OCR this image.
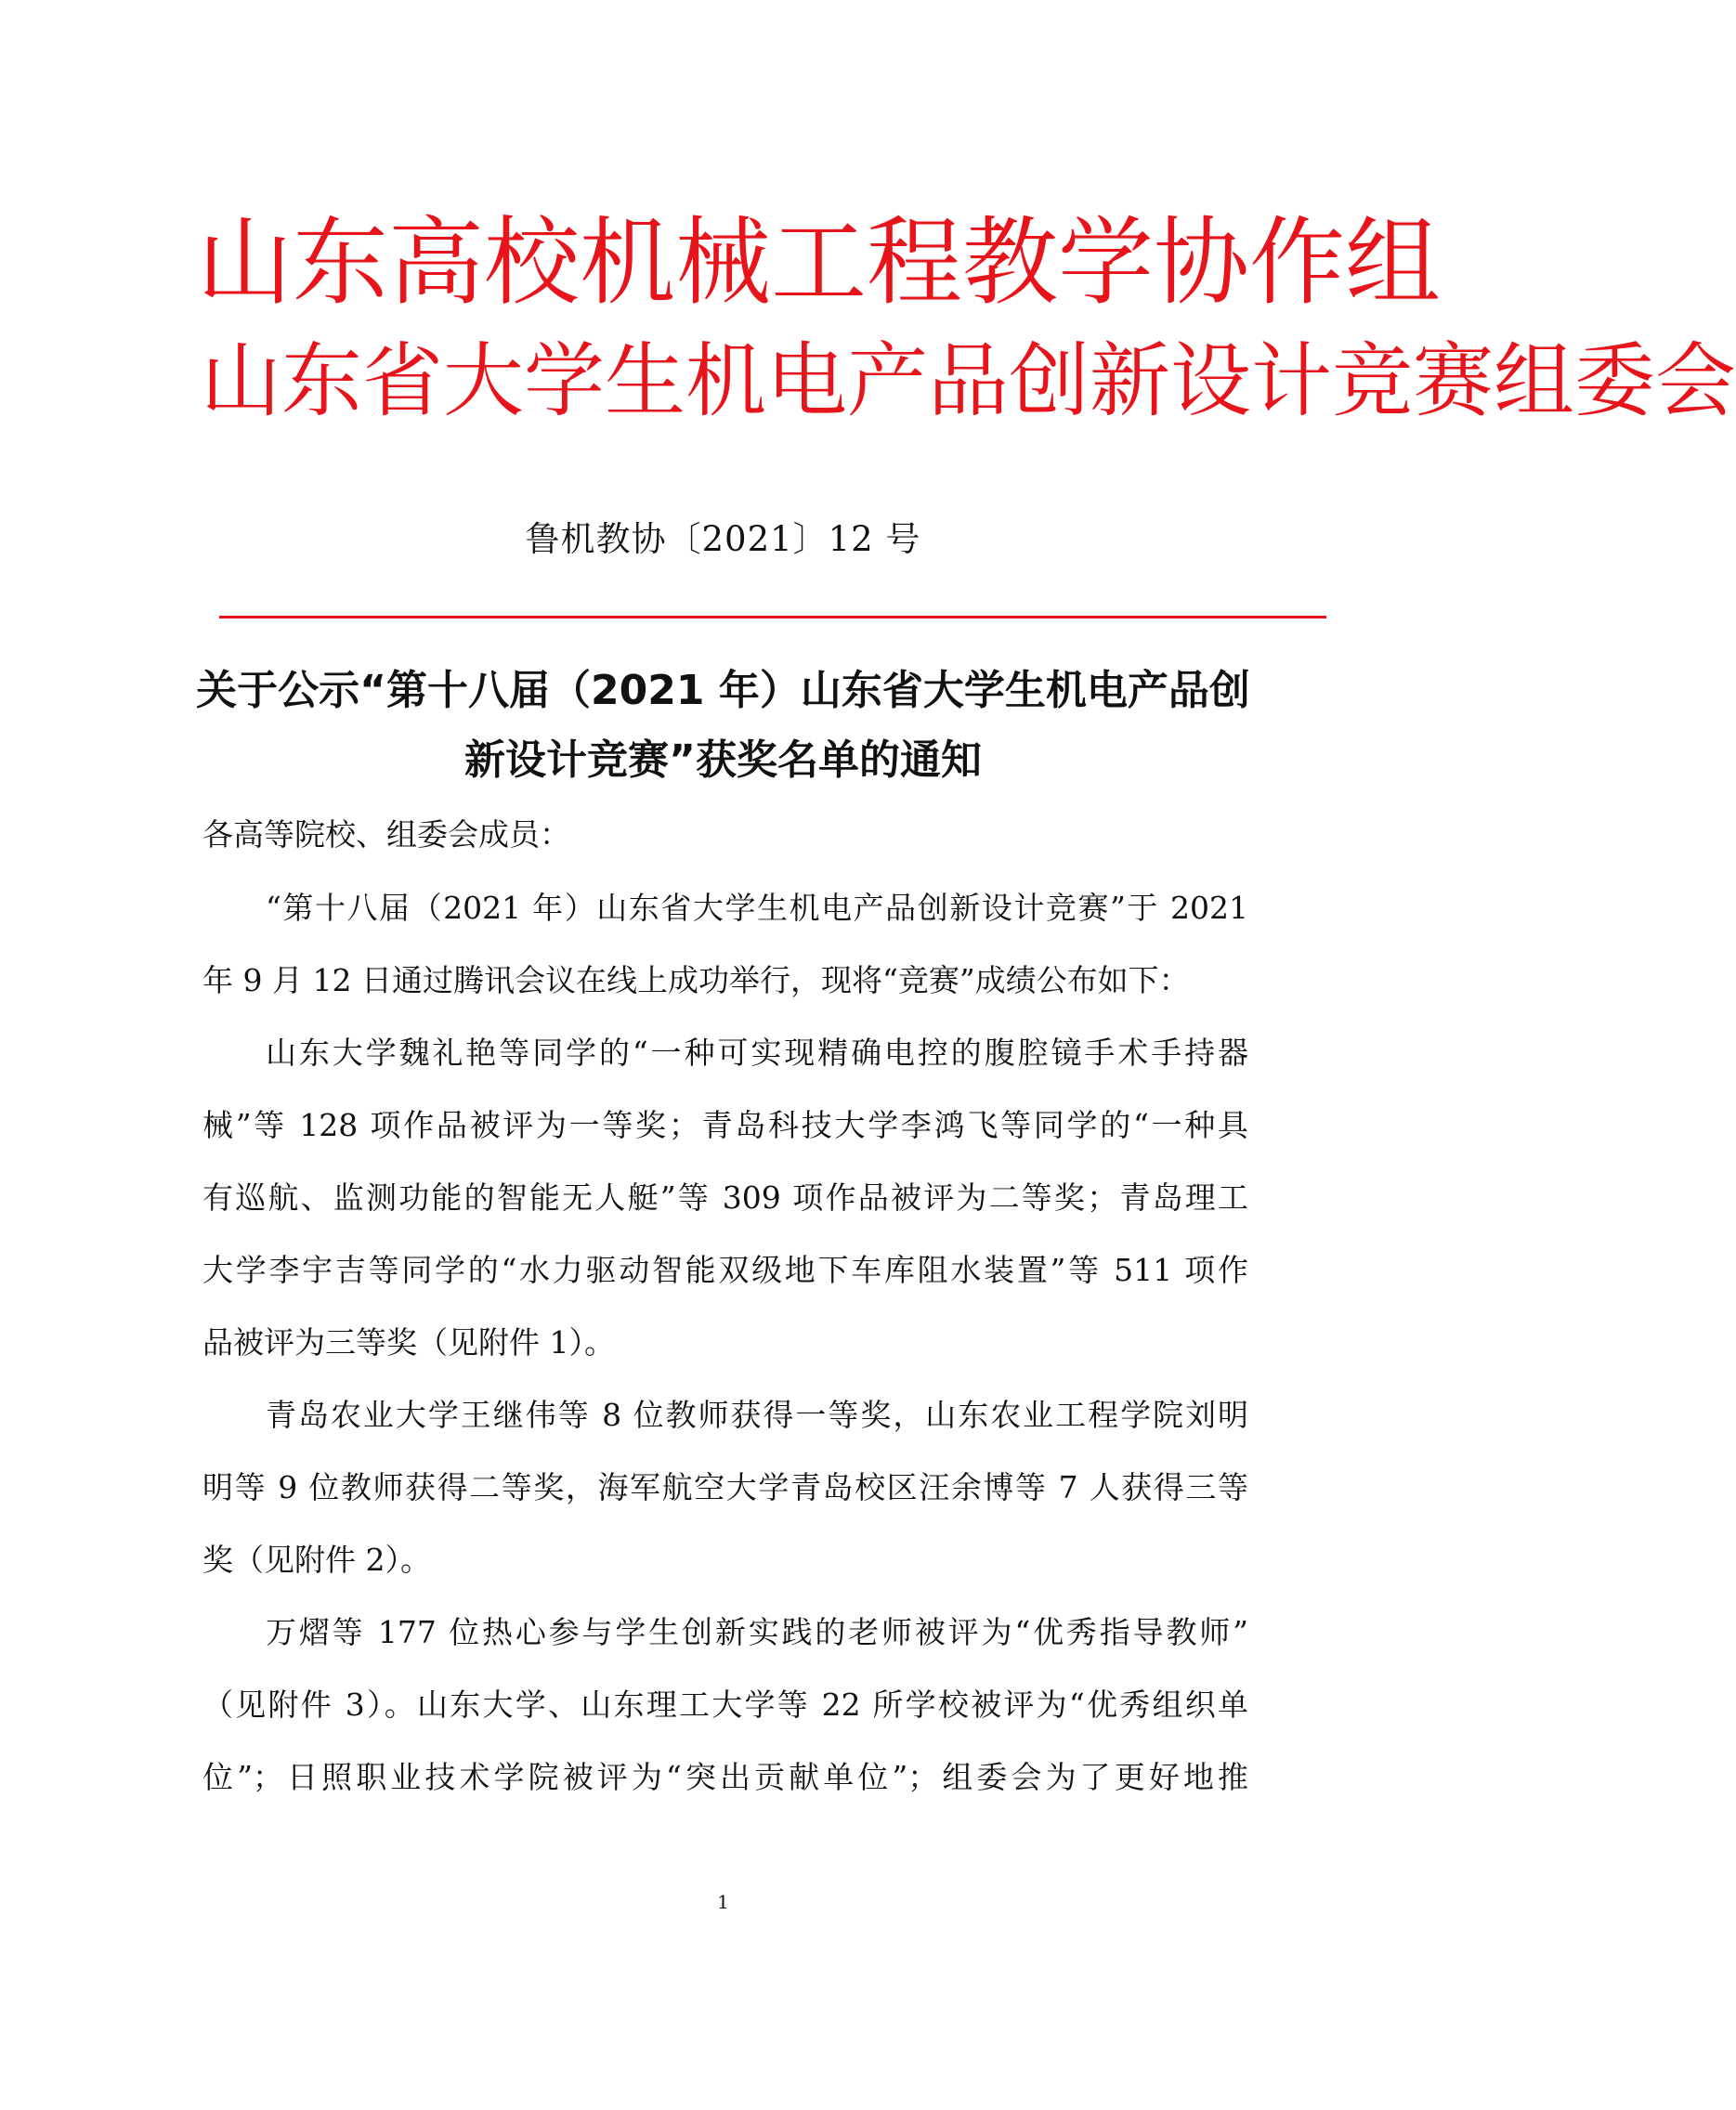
山东高校机械工程教学协作组
山东省大学生机电产品创新设计竞赛组委会
鲁机教协〔2021〕12 号
关于公示“第十八届（2021 年）山东省大学生机电产品创
新设计竞赛”获奖名单的通知
各高等院校、组委会成员：
“第十八届（2021 年）山东省大学生机电产品创新设计竞赛”于 2021
年 9 月 12 日通过腾讯会议在线上成功举行，现将“竞赛”成绩公布如下：
山东大学魏礼艳等同学的“一种可实现精确电控的腹腔镜手术手持器
械”等 128 项作品被评为一等奖；青岛科技大学李鸿飞等同学的“一种具
有巡航、监测功能的智能无人艇”等 309 项作品被评为二等奖；青岛理工
大学李宇吉等同学的“水力驱动智能双级地下车库阻水装置”等 511 项作
品被评为三等奖（见附件 1）。
青岛农业大学王继伟等 8 位教师获得一等奖，山东农业工程学院刘明
明等 9 位教师获得二等奖，海军航空大学青岛校区汪余博等 7 人获得三等
奖（见附件 2）。
万熠等 177 位热心参与学生创新实践的老师被评为“优秀指导教师”
（见附件 3）。山东大学、山东理工大学等 22 所学校被评为“优秀组织单
位”；日照职业技术学院被评为“突出贡献单位”；组委会为了更好地推
1
